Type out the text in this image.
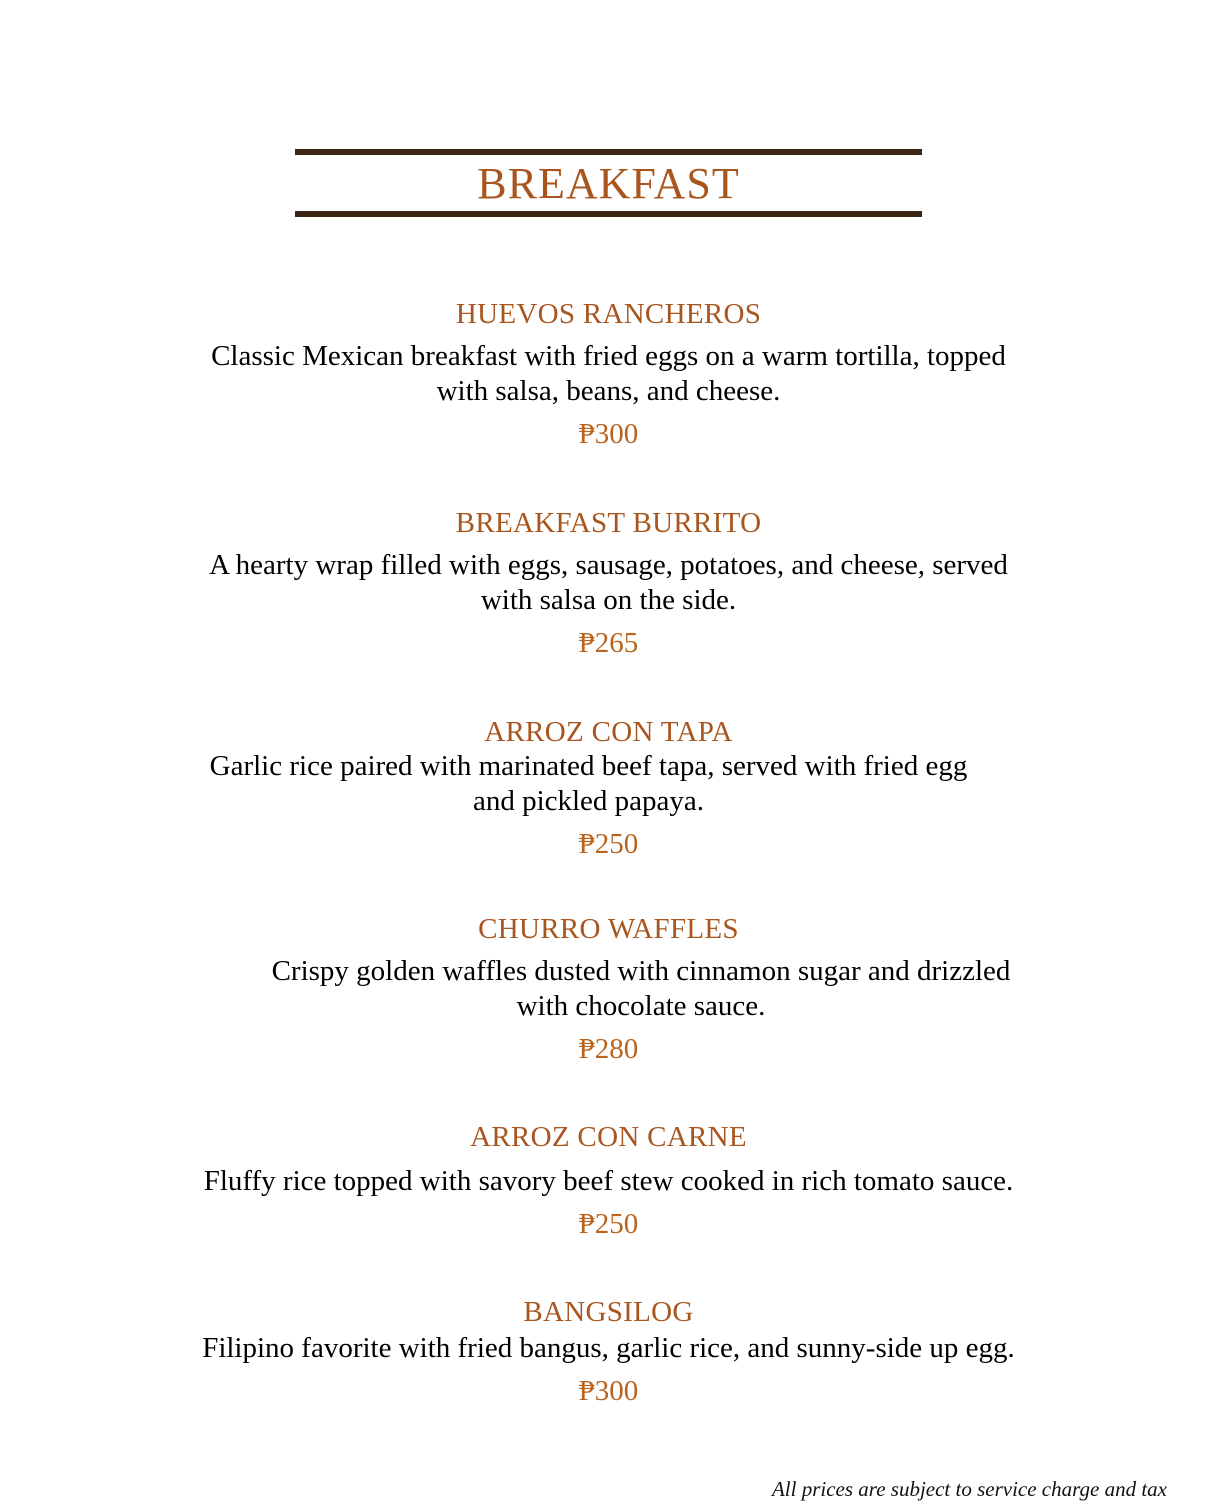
BREAKFAST
HUEVOS RANCHEROS
Classic Mexican breakfast with fried eggs on a warm tortilla, topped
with salsa, beans, and cheese.
₱300
BREAKFAST BURRITO
A hearty wrap filled with eggs, sausage, potatoes, and cheese, served
with salsa on the side.
₱265
ARROZ CON TAPA
Garlic rice paired with marinated beef tapa, served with fried egg
and pickled papaya.
₱250
CHURRO WAFFLES
Crispy golden waffles dusted with cinnamon sugar and drizzled
with chocolate sauce.
₱280
ARROZ CON CARNE
Fluffy rice topped with savory beef stew cooked in rich tomato sauce.
₱250
BANGSILOG
Filipino favorite with fried bangus, garlic rice, and sunny-side up egg.
₱300
All prices are subject to service charge and tax
